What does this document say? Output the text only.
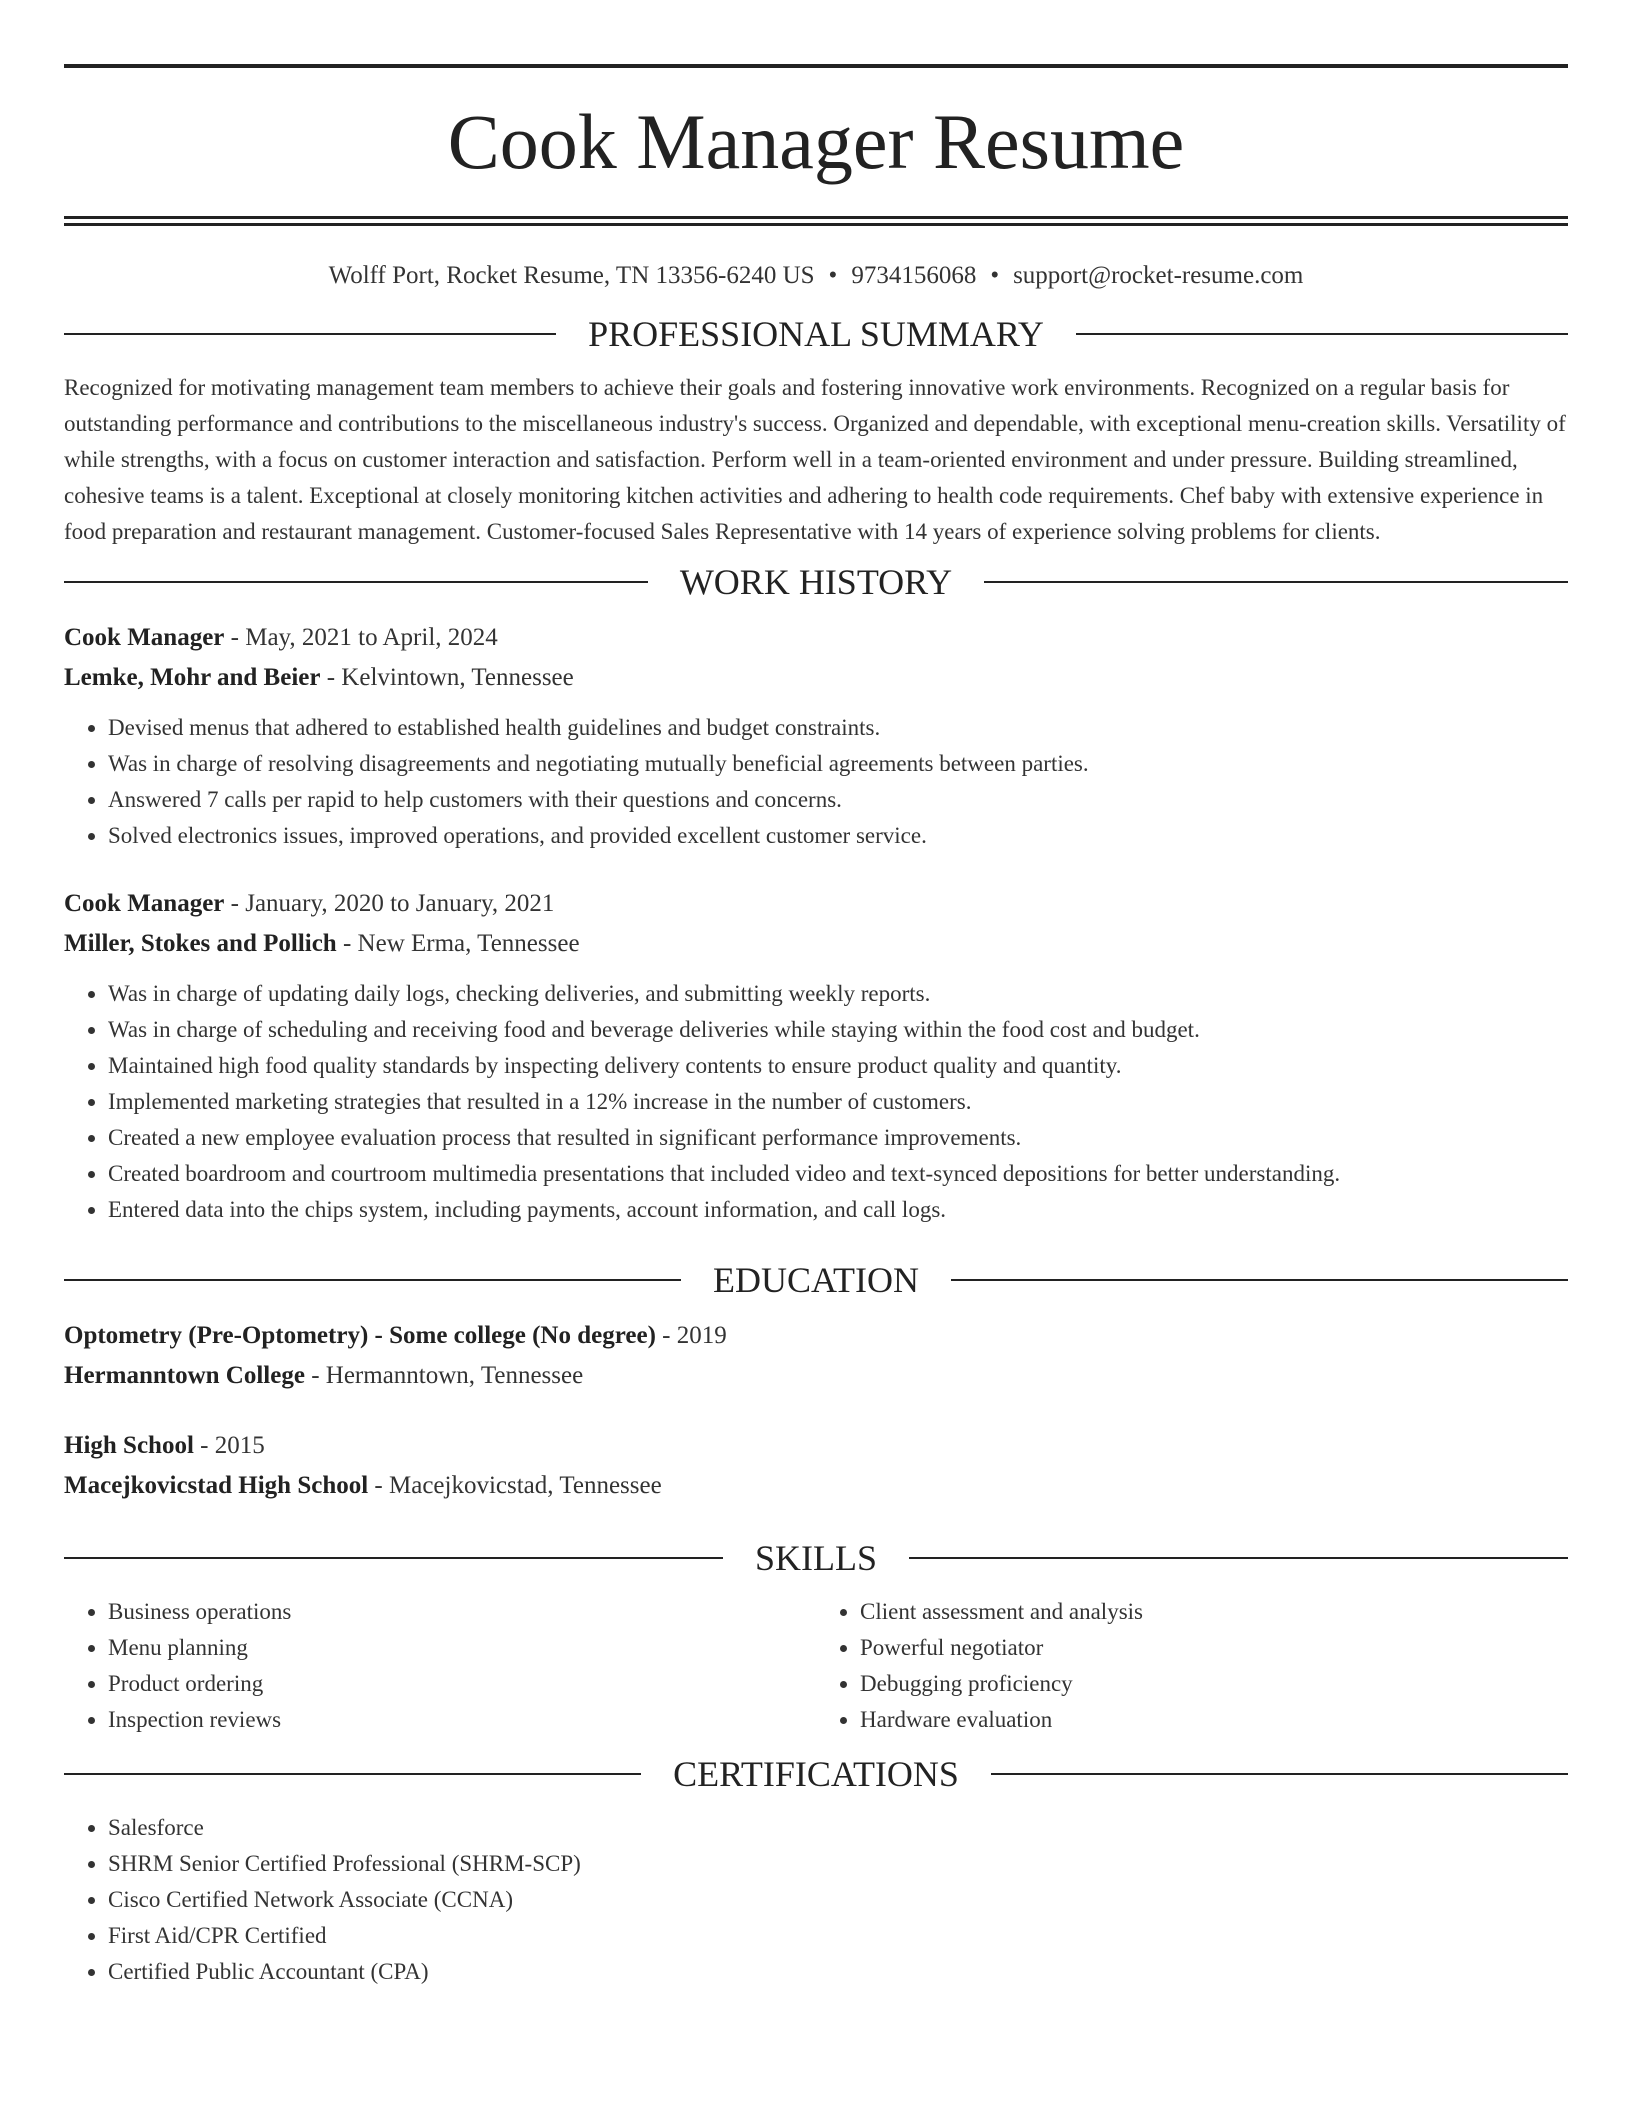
Cook Manager Resume
Wolff Port, Rocket Resume, TN 13356-6240 US • 9734156068 • support@rocket-resume.com
PROFESSIONAL SUMMARY

Recognized for motivating management team members to achieve their goals and fostering innovative work environments. Recognized on a regular basis for outstanding performance and contributions to the miscellaneous industry's success. Organized and dependable, with exceptional menu-creation skills. Versatility of while strengths, with a focus on customer interaction and satisfaction. Perform well in a team-oriented environment and under pressure. Building streamlined, cohesive teams is a talent. Exceptional at closely monitoring kitchen activities and adhering to health code requirements. Chef baby with extensive experience in food preparation and restaurant management. Customer-focused Sales Representative with 14 years of experience solving problems for clients.

WORK HISTORY
Cook Manager - May, 2021 to April, 2024
Lemke, Mohr and Beier - Kelvintown, Tennessee
• Devised menus that adhered to established health guidelines and budget constraints.
• Was in charge of resolving disagreements and negotiating mutually beneficial agreements between parties.
• Answered 7 calls per rapid to help customers with their questions and concerns.
• Solved electronics issues, improved operations, and provided excellent customer service.
Cook Manager - January, 2020 to January, 2021
Miller, Stokes and Pollich - New Erma, Tennessee
• Was in charge of updating daily logs, checking deliveries, and submitting weekly reports.
• Was in charge of scheduling and receiving food and beverage deliveries while staying within the food cost and budget.
• Maintained high food quality standards by inspecting delivery contents to ensure product quality and quantity.
• Implemented marketing strategies that resulted in a 12% increase in the number of customers.
• Created a new employee evaluation process that resulted in significant performance improvements.
• Created boardroom and courtroom multimedia presentations that included video and text-synced depositions for better understanding.
• Entered data into the chips system, including payments, account information, and call logs.
EDUCATION
Optometry (Pre-Optometry) - Some college (No degree) - 2019
Hermanntown College - Hermanntown, Tennessee
High School - 2015
Macejkovicstad High School - Macejkovicstad, Tennessee
SKILLS
• Business operations
• Menu planning
• Product ordering
• Inspection reviews
• Client assessment and analysis
• Powerful negotiator
• Debugging proficiency
• Hardware evaluation
CERTIFICATIONS
• Salesforce
• SHRM Senior Certified Professional (SHRM-SCP)
• Cisco Certified Network Associate (CCNA)
• First Aid/CPR Certified
• Certified Public Accountant (CPA)
